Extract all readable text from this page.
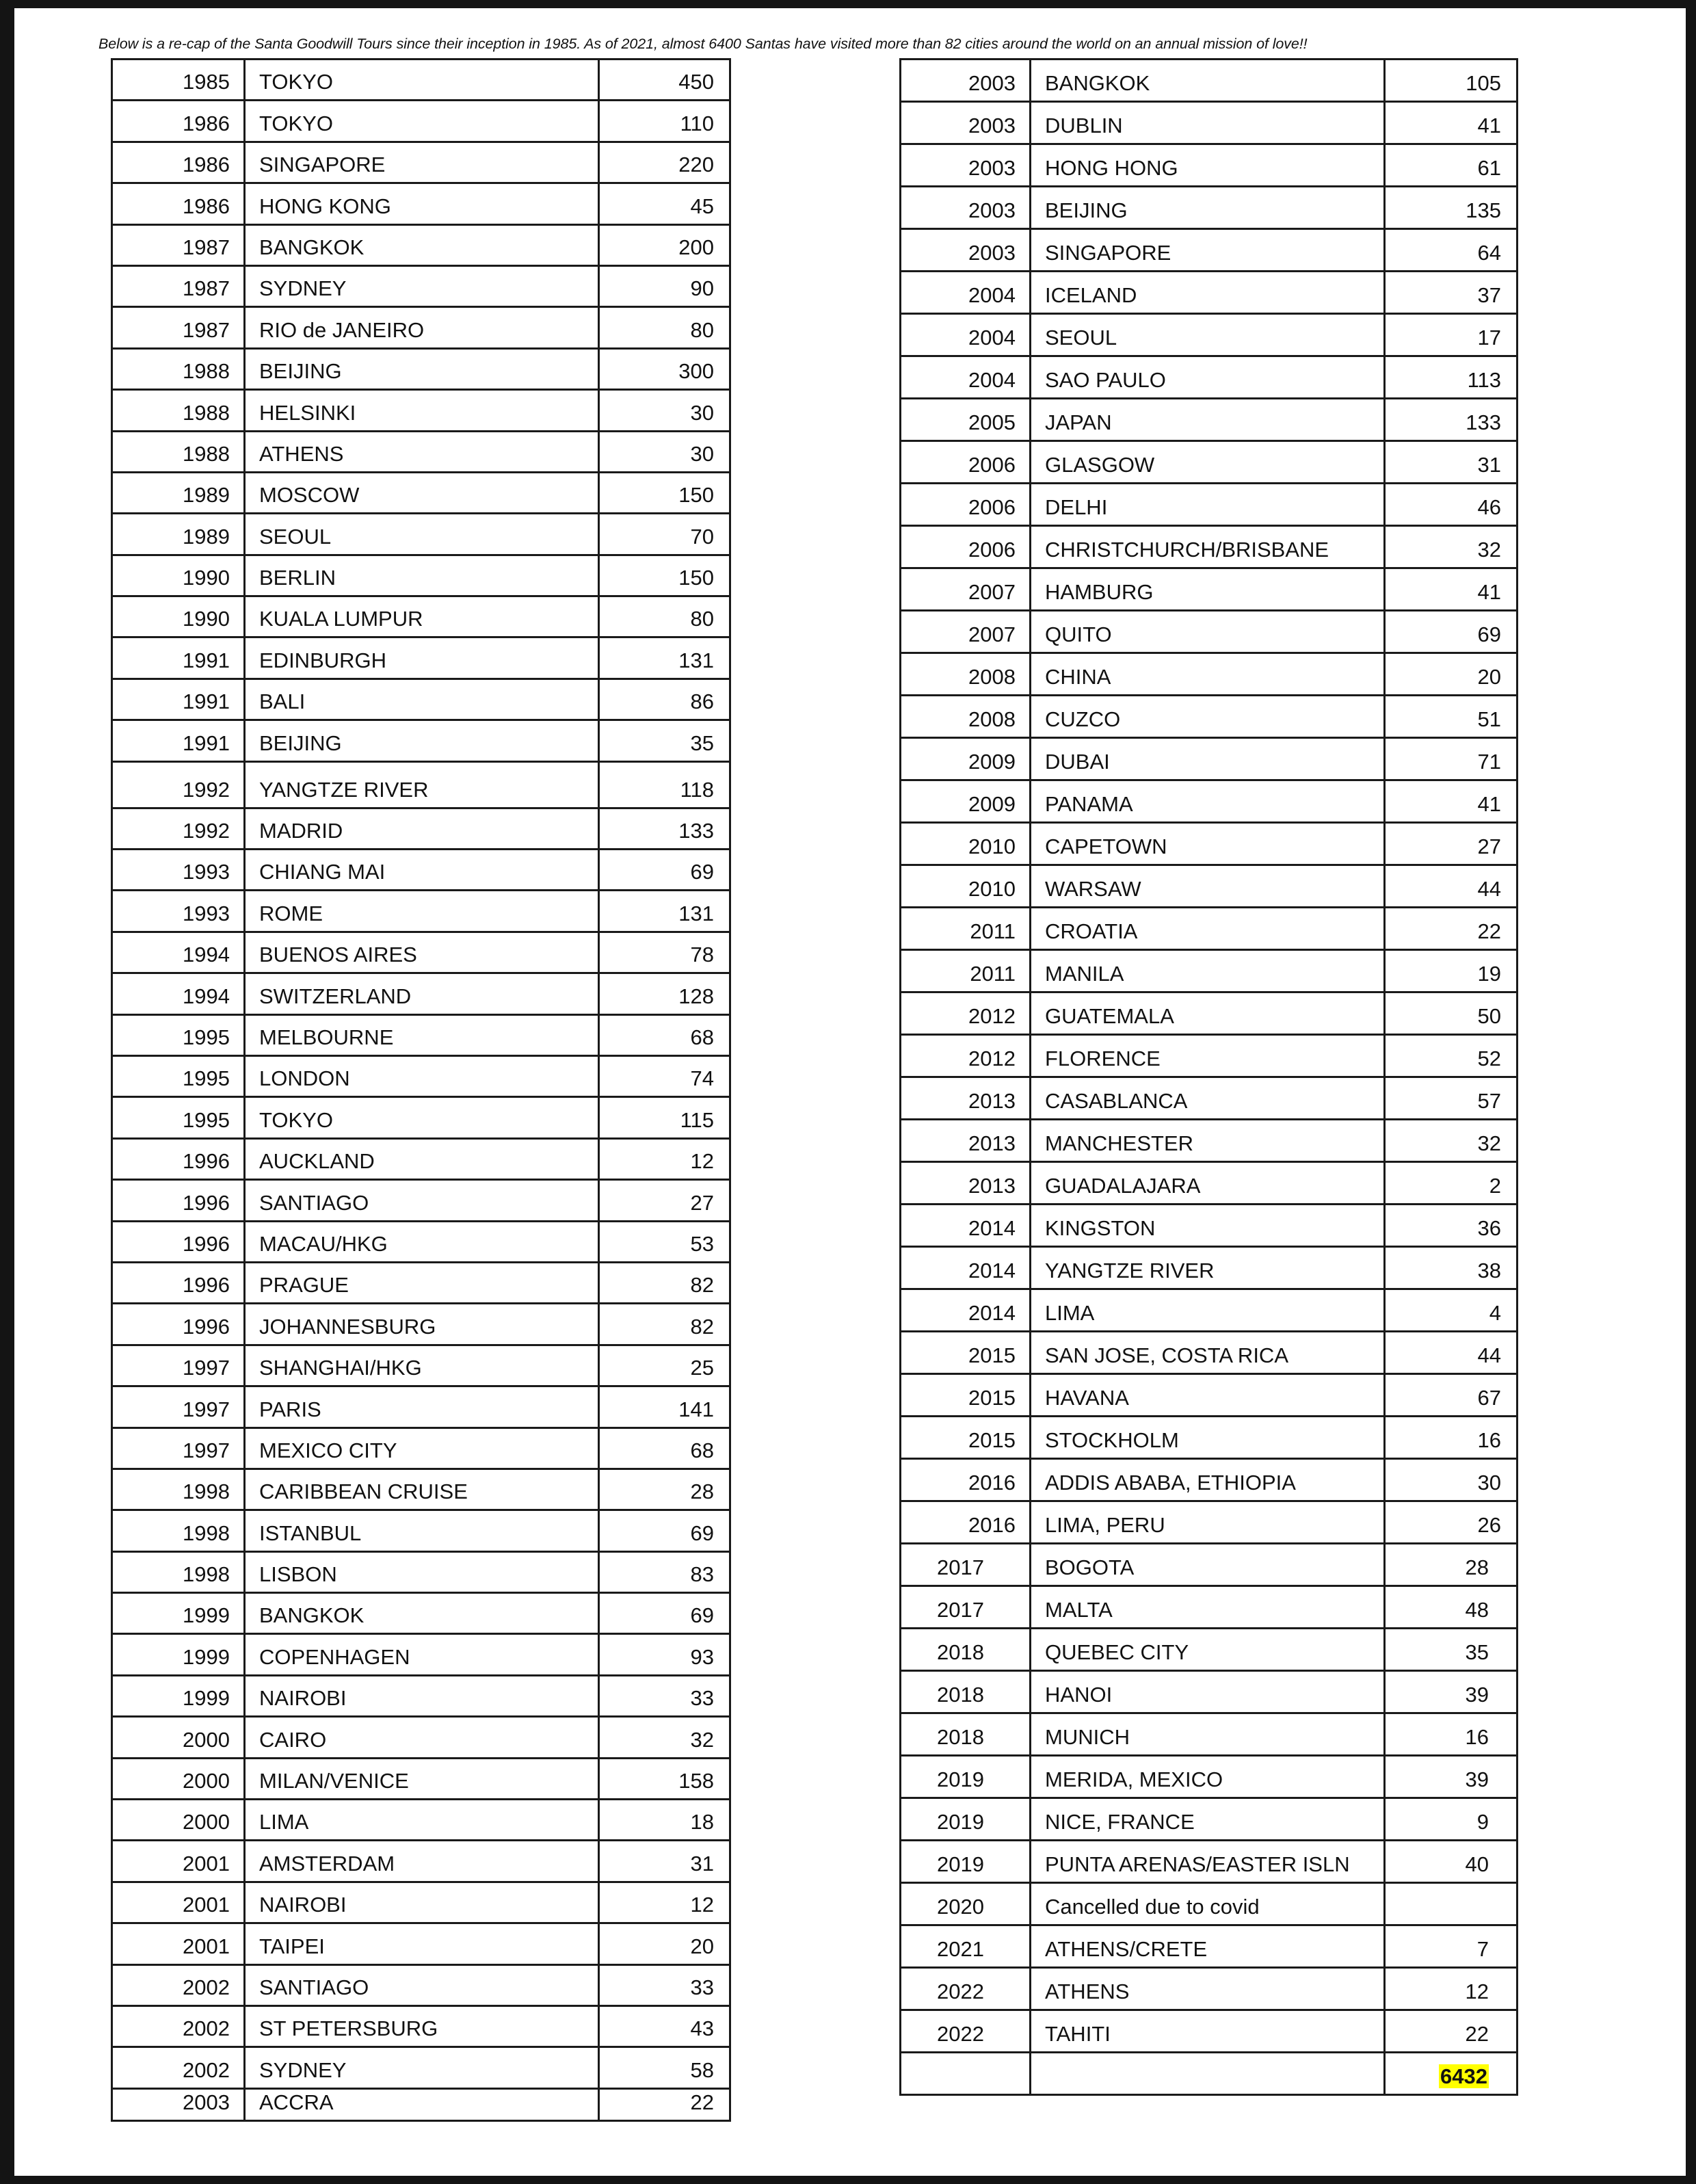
Below is a re-cap of the Santa Goodwill Tours since their inception in 1985. As of 2021, almost 6400 Santas have visited more than 82 cities around the world on an annual mission of love!!
1985	TOKYO	450
1986	TOKYO	110
1986	SINGAPORE	220
1986	HONG KONG	45
1987	BANGKOK	200
1987	SYDNEY	90
1987	RIO de JANEIRO	80
1988	BEIJING	300
1988	HELSINKI	30
1988	ATHENS	30
1989	MOSCOW	150
1989	SEOUL	70
1990	BERLIN	150
1990	KUALA LUMPUR	80
1991	EDINBURGH	131
1991	BALI	86
1991	BEIJING	35
1992	YANGTZE RIVER	118
1992	MADRID	133
1993	CHIANG MAI	69
1993	ROME	131
1994	BUENOS AIRES	78
1994	SWITZERLAND	128
1995	MELBOURNE	68
1995	LONDON	74
1995	TOKYO	115
1996	AUCKLAND	12
1996	SANTIAGO	27
1996	MACAU/HKG	53
1996	PRAGUE	82
1996	JOHANNESBURG	82
1997	SHANGHAI/HKG	25
1997	PARIS	141
1997	MEXICO CITY	68
1998	CARIBBEAN CRUISE	28
1998	ISTANBUL	69
1998	LISBON	83
1999	BANGKOK	69
1999	COPENHAGEN	93
1999	NAIROBI	33
2000	CAIRO	32
2000	MILAN/VENICE	158
2000	LIMA	18
2001	AMSTERDAM	31
2001	NAIROBI	12
2001	TAIPEI	20
2002	SANTIAGO	33
2002	ST PETERSBURG	43
2002	SYDNEY	58
2003	ACCRA	22
2003	BANGKOK	105
2003	DUBLIN	41
2003	HONG HONG	61
2003	BEIJING	135
2003	SINGAPORE	64
2004	ICELAND	37
2004	SEOUL	17
2004	SAO PAULO	113
2005	JAPAN	133
2006	GLASGOW	31
2006	DELHI	46
2006	CHRISTCHURCH/BRISBANE	32
2007	HAMBURG	41
2007	QUITO	69
2008	CHINA	20
2008	CUZCO	51
2009	DUBAI	71
2009	PANAMA	41
2010	CAPETOWN	27
2010	WARSAW	44
2011	CROATIA	22
2011	MANILA	19
2012	GUATEMALA	50
2012	FLORENCE	52
2013	CASABLANCA	57
2013	MANCHESTER	32
2013	GUADALAJARA	2
2014	KINGSTON	36
2014	YANGTZE RIVER	38
2014	LIMA	4
2015	SAN JOSE, COSTA RICA	44
2015	HAVANA	67
2015	STOCKHOLM	16
2016	ADDIS ABABA, ETHIOPIA	30
2016	LIMA, PERU	26
2017	BOGOTA	28
2017	MALTA	48
2018	QUEBEC CITY	35
2018	HANOI	39
2018	MUNICH	16
2019	MERIDA, MEXICO	39
2019	NICE, FRANCE	9
2019	PUNTA ARENAS/EASTER ISLN	40
2020	Cancelled due to covid	
2021	ATHENS/CRETE	7
2022	ATHENS	12
2022	TAHITI	22
		6432
